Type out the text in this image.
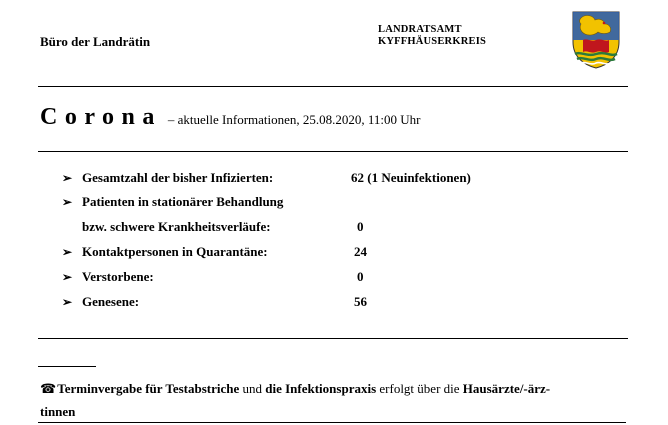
Büro der Landrätin
LANDRATSAMT
KYFFHÄUSERKREIS
Corona – aktuelle Informationen, 25.08.2020, 11:00 Uhr
➢ Gesamtzahl der bisher Infizierten:	62 (1 Neuinfektionen)
➢ Patienten in stationärer Behandlung
bzw. schwere Krankheitsverläufe:	0
➢ Kontaktpersonen in Quarantäne:	24
➢ Verstorbene:	0
➢ Genesene:	56
☎ Terminvergabe für Testabstriche und die Infektionspraxis erfolgt über die Hausärzte/-ärz-
tinnen
